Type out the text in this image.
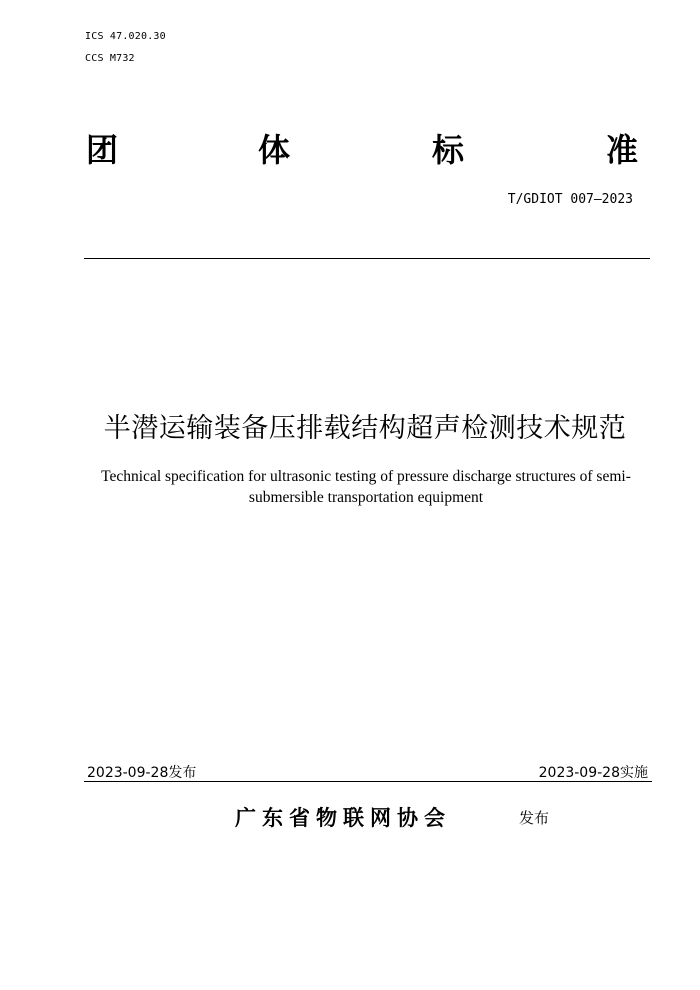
ICS 47.020.30
CCS M732
团	体	标	准
T/GDIOT 007—2023
半潜运输装备压排载结构超声检测技术规范
Technical specification for ultrasonic testing of pressure discharge structures of semi-submersible transportation equipment
2023-09-28发布	2023-09-28实施
广东省物联网协会	发布
